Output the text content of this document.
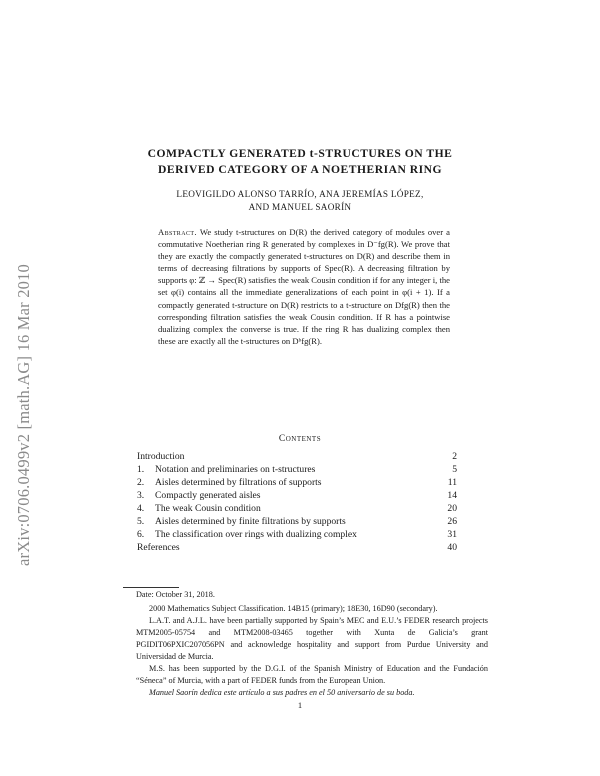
arXiv:0706.0499v2 [math.AG] 16 Mar 2010
COMPACTLY GENERATED t-STRUCTURES ON THE
DERIVED CATEGORY OF A NOETHERIAN RING
LEOVIGILDO ALONSO TARRÍO, ANA JEREMÍAS LÓPEZ,
AND MANUEL SAORÍN
Abstract. We study t-structures on D(R) the derived category of modules over a commutative Noetherian ring R generated by complexes in D⁻fg(R). We prove that they are exactly the compactly generated t-structures on D(R) and describe them in terms of decreasing filtrations by supports of Spec(R). A decreasing filtration by supports φ: ℤ → Spec(R) satisfies the weak Cousin condition if for any integer i, the set φ(i) contains all the immediate generalizations of each point in φ(i + 1). If a compactly generated t-structure on D(R) restricts to a t-structure on Dfg(R) then the corresponding filtration satisfies the weak Cousin condition. If R has a pointwise dualizing complex the converse is true. If the ring R has dualizing complex then these are exactly all the t-structures on Dᵇfg(R).
Contents
Introduction	2
1.	Notation and preliminaries on t-structures	5
2.	Aisles determined by filtrations of supports	11
3.	Compactly generated aisles	14
4.	The weak Cousin condition	20
5.	Aisles determined by finite filtrations by supports	26
6.	The classification over rings with dualizing complex	31
References	40

Date: October 31, 2018.

2000 Mathematics Subject Classification. 14B15 (primary); 18E30, 16D90 (secondary).

L.A.T. and A.J.L. have been partially supported by Spain’s MEC and E.U.’s FEDER research projects MTM2005-05754 and MTM2008-03465 together with Xunta de Galicia’s grant PGIDIT06PXIC207056PN and acknowledge hospitality and support from Purdue University and Universidad de Murcia.

M.S. has been supported by the D.G.I. of the Spanish Ministry of Education and the Fundación “Séneca” of Murcia, with a part of FEDER funds from the European Union.

Manuel Saorín dedica este artículo a sus padres en el 50 aniversario de su boda.

1
